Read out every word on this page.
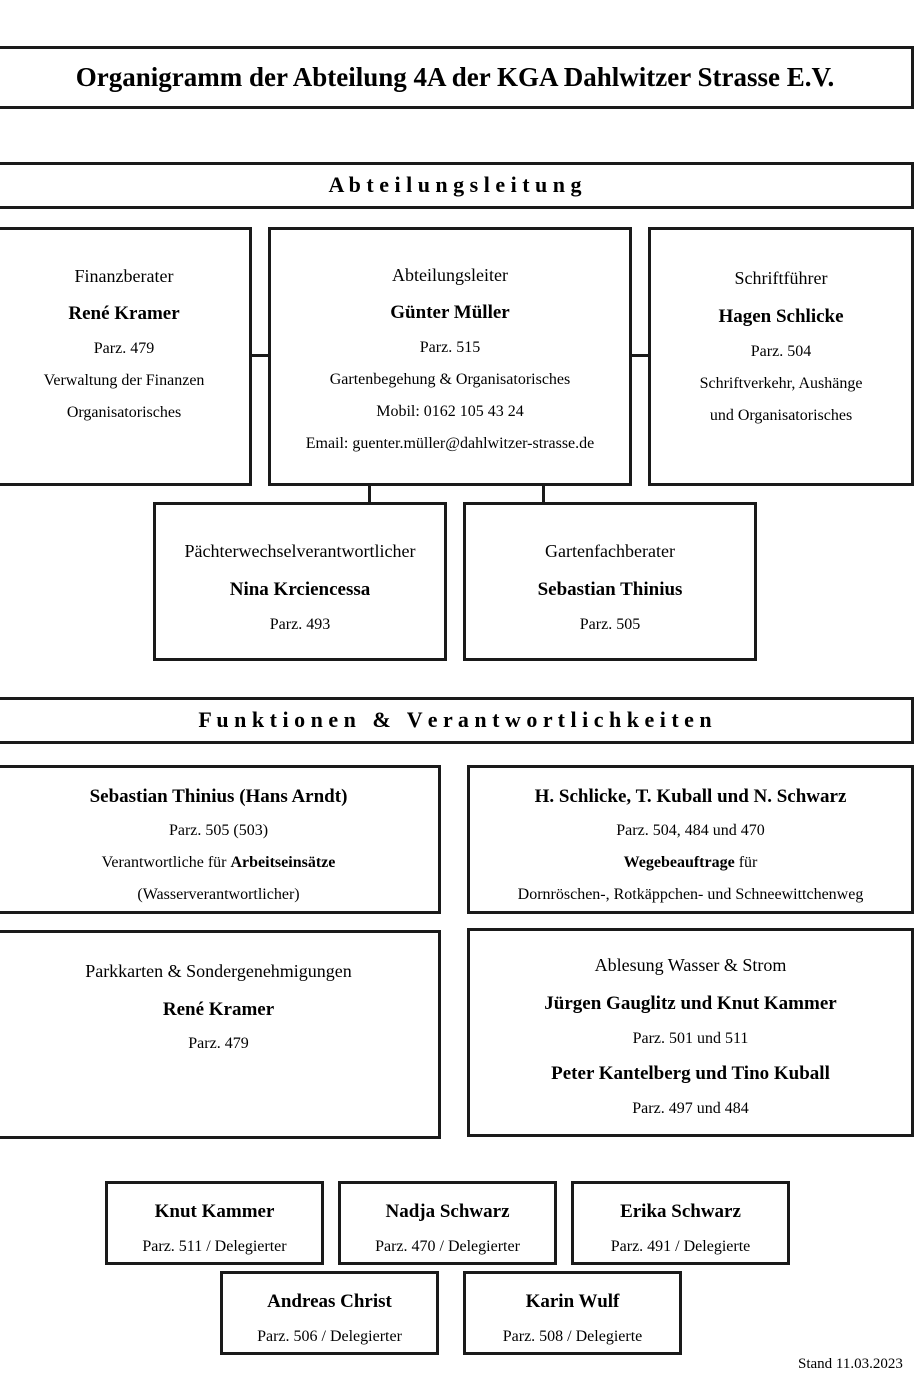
Organigramm der Abteilung 4A der KGA Dahlwitzer Strasse E.V.
A b t e i l u n g s l e i t u n g
Finanzberater
René Kramer
Parz. 479
Verwaltung der Finanzen
Organisatorisches
Abteilungsleiter
Günter Müller
Parz. 515
Gartenbegehung & Organisatorisches
Mobil: 0162 105 43 24
Email: guenter.müller@dahlwitzer-strasse.de
Schriftführer
Hagen Schlicke
Parz. 504
Schriftverkehr, Aushänge
und Organisatorisches
Pächterwechselverantwortlicher
Nina Krciencessa
Parz. 493
Gartenfachberater
Sebastian Thinius
Parz. 505
F u n k t i o n e n   &   V e r a n t w o r t l i c h k e i t e n
Sebastian Thinius (Hans Arndt)
Parz. 505 (503)
Verantwortliche für Arbeitseinsätze
(Wasserverantwortlicher)
H. Schlicke, T. Kuball und N. Schwarz
Parz. 504, 484 und 470
Wegebeauftrage für
Dornröschen-, Rotkäppchen- und Schneewittchenweg
Parkkarten & Sondergenehmigungen
René Kramer
Parz. 479
Ablesung Wasser & Strom
Jürgen Gauglitz und Knut Kammer
Parz. 501 und 511
Peter Kantelberg und Tino Kuball
Parz. 497 und 484
Knut Kammer
Parz. 511 / Delegierter
Nadja Schwarz
Parz. 470 / Delegierter
Erika Schwarz
Parz. 491 / Delegierte
Andreas Christ
Parz. 506 / Delegierter
Karin Wulf
Parz. 508 / Delegierte
Stand 11.03.2023
